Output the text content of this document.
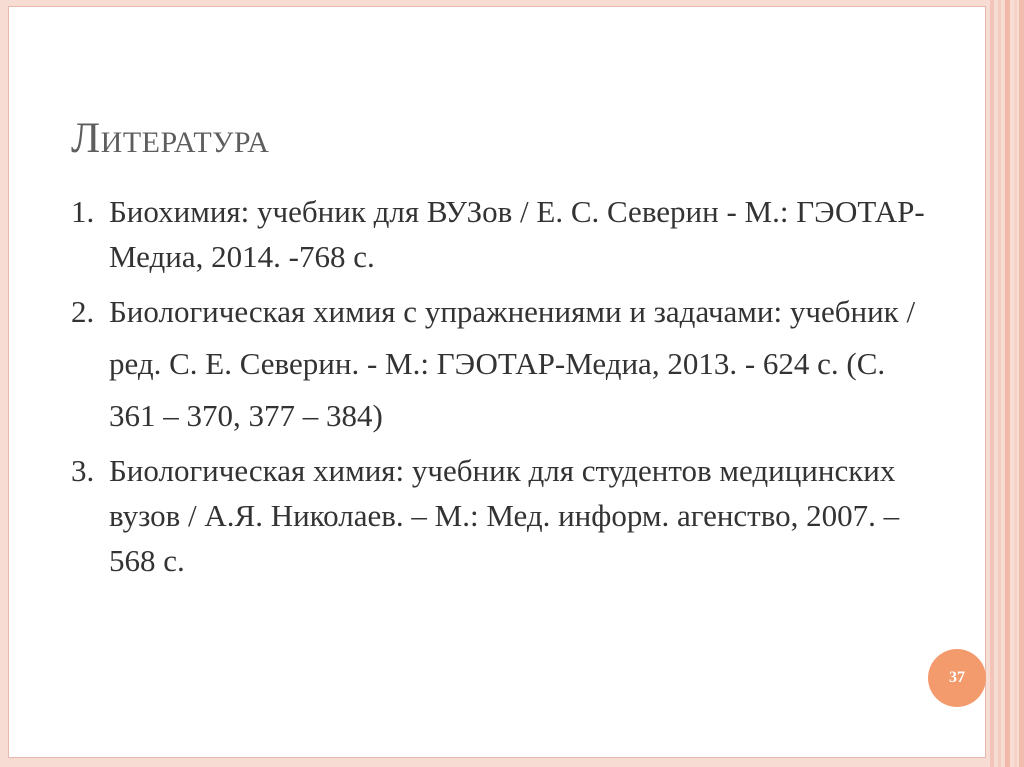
Литература
1. Биохимия: учебник для ВУЗов / Е. С. Северин - М.: ГЭОТАР-Медиа, 2014. -768 с.
2. Биологическая химия с упражнениями и задачами: учебник / ред. С. Е. Северин. - М.: ГЭОТАР-Медиа, 2013. - 624 с. (С. 361 – 370, 377 – 384)
3. Биологическая химия: учебник для студентов медицинских вузов / А.Я. Николаев. – М.: Мед. информ. агенство, 2007. – 568 с.
37
